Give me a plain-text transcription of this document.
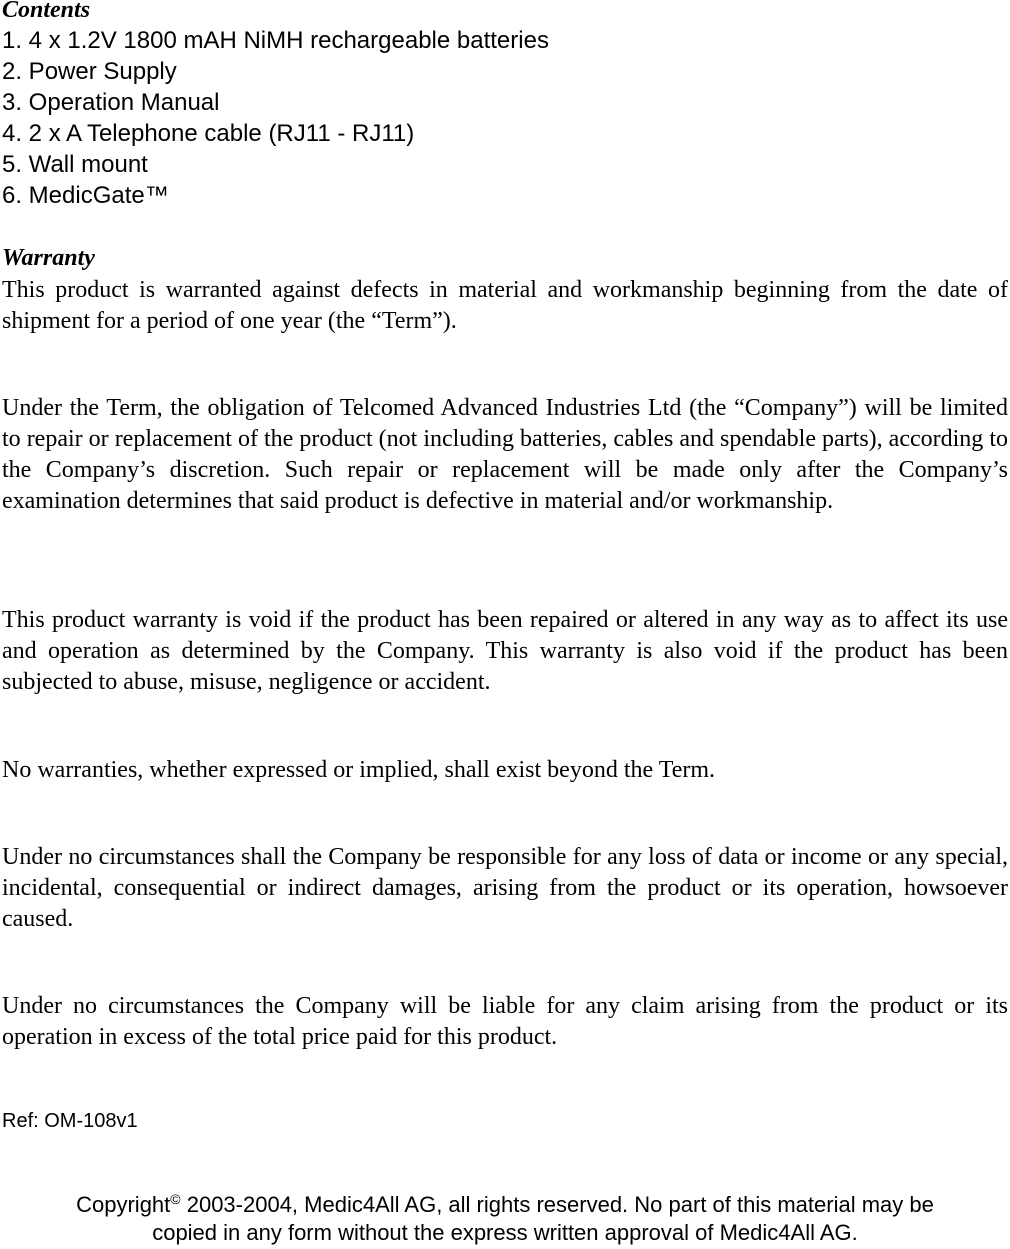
Contents
1. 4 x 1.2V 1800 mAH NiMH rechargeable batteries
2. Power Supply
3. Operation Manual
4. 2 x A Telephone cable (RJ11 - RJ11)
5. Wall mount
6. MedicGate™
Warranty

This product is warranted against defects in material and workmanship beginning from the date of shipment for a period of one year (the “Term”).

Under the Term, the obligation of Telcomed Advanced Industries Ltd (the “Company”) will be limited to repair or replacement of the product (not including batteries, cables and spendable parts), according to the Company’s discretion. Such repair or replacement will be made only after the Company’s examination determines that said product is defective in material and/or workmanship.

This product warranty is void if the product has been repaired or altered in any way as to affect its use and operation as determined by the Company. This warranty is also void if the product has been subjected to abuse, misuse, negligence or accident.

No warranties, whether expressed or implied, shall exist beyond the Term.

Under no circumstances shall the Company be responsible for any loss of data or income or any special, incidental, consequential or indirect damages, arising from the product or its operation, howsoever caused.

Under no circumstances the Company will be liable for any claim arising from the product or its operation in excess of the total price paid for this product.

Ref: OM-108v1

Copyright© 2003-2004, Medic4All AG, all rights reserved. No part of this material may be
copied in any form without the express written approval of Medic4All AG.
